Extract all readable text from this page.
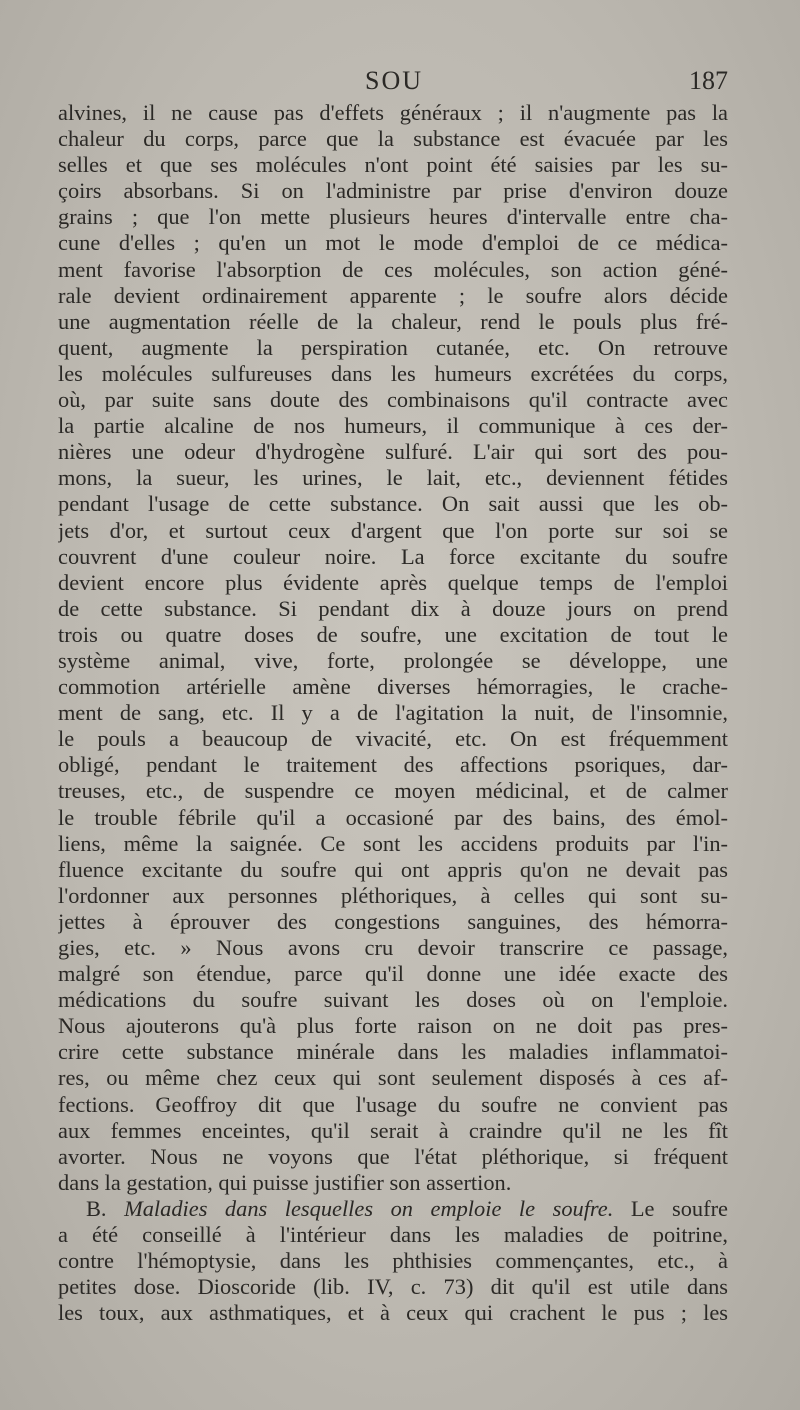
SOU	187
alvines, il ne cause pas d'effets généraux ; il n'augmente pas la
chaleur du corps, parce que la substance est évacuée par les
selles et que ses molécules n'ont point été saisies par les su-
çoirs absorbans. Si on l'administre par prise d'environ douze
grains ; que l'on mette plusieurs heures d'intervalle entre cha-
cune d'elles ; qu'en un mot le mode d'emploi de ce médica-
ment favorise l'absorption de ces molécules, son action géné-
rale devient ordinairement apparente ; le soufre alors décide
une augmentation réelle de la chaleur, rend le pouls plus fré-
quent, augmente la perspiration cutanée, etc. On retrouve
les molécules sulfureuses dans les humeurs excrétées du corps,
où, par suite sans doute des combinaisons qu'il contracte avec
la partie alcaline de nos humeurs, il communique à ces der-
nières une odeur d'hydrogène sulfuré. L'air qui sort des pou-
mons, la sueur, les urines, le lait, etc., deviennent fétides
pendant l'usage de cette substance. On sait aussi que les ob-
jets d'or, et surtout ceux d'argent que l'on porte sur soi se
couvrent d'une couleur noire. La force excitante du soufre
devient encore plus évidente après quelque temps de l'emploi
de cette substance. Si pendant dix à douze jours on prend
trois ou quatre doses de soufre, une excitation de tout le
système animal, vive, forte, prolongée se développe, une
commotion artérielle amène diverses hémorragies, le crache-
ment de sang, etc. Il y a de l'agitation la nuit, de l'insomnie,
le pouls a beaucoup de vivacité, etc. On est fréquemment
obligé, pendant le traitement des affections psoriques, dar-
treuses, etc., de suspendre ce moyen médicinal, et de calmer
le trouble fébrile qu'il a occasioné par des bains, des émol-
liens, même la saignée. Ce sont les accidens produits par l'in-
fluence excitante du soufre qui ont appris qu'on ne devait pas
l'ordonner aux personnes pléthoriques, à celles qui sont su-
jettes à éprouver des congestions sanguines, des hémorra-
gies, etc. » Nous avons cru devoir transcrire ce passage,
malgré son étendue, parce qu'il donne une idée exacte des
médications du soufre suivant les doses où on l'emploie.
Nous ajouterons qu'à plus forte raison on ne doit pas pres-
crire cette substance minérale dans les maladies inflammatoi-
res, ou même chez ceux qui sont seulement disposés à ces af-
fections. Geoffroy dit que l'usage du soufre ne convient pas
aux femmes enceintes, qu'il serait à craindre qu'il ne les fît
avorter. Nous ne voyons que l'état pléthorique, si fréquent
dans la gestation, qui puisse justifier son assertion.
B. Maladies dans lesquelles on emploie le soufre. Le soufre
a été conseillé à l'intérieur dans les maladies de poitrine,
contre l'hémoptysie, dans les phthisies commençantes, etc., à
petites dose. Dioscoride (lib. IV, c. 73) dit qu'il est utile dans
les toux, aux asthmatiques, et à ceux qui crachent le pus ; les
